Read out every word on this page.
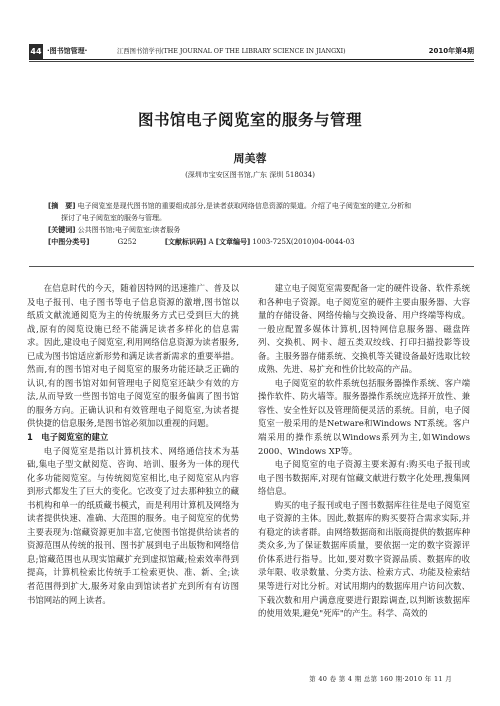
44 ·图书馆管理·	江西图书馆学刊(THE JOURNAL OF THE LIBRARY SCIENCE IN JIANGXI)	2010年第4期
图书馆电子阅览室的服务与管理
周美蓉
(深圳市宝安区图书馆,广东 深圳 518034)
[摘　要] 电子阅览室是现代图书馆的重要组成部分,是读者获取网络信息资源的渠道。介绍了电子阅览室的建立,分析和
探讨了电子阅览室的服务与管理。
[关键词] 公共图书馆;电子阅览室;读者服务
[中图分类号]	G252	[文献标识码] A [文章编号] 1003-725X(2010)04-0044-03

在信息时代的今天，随着因特网的迅速推广、普及以及电子报刊、电子图书等电子信息资源的激增,图书馆以纸质文献流通阅览为主的传统服务方式已受到巨大的挑战,原有的阅览设施已经不能满足读者多样化的信息需求。因此,建设电子阅览室,利用网络信息资源为读者服务,已成为图书馆适应新形势和满足读者新需求的重要举措。然而,有的图书馆对电子阅览室的服务功能还缺乏正确的认识,有的图书馆对如何管理电子阅览室还缺少有效的方法,从而导致一些图书馆电子阅览室的服务偏离了图书馆的服务方向。正确认识和有效管理电子阅览室,为读者提供快捷的信息服务,是图书馆必须加以重视的问题。

1　电子阅览室的建立

电子阅览室是指以计算机技术、网络通信技术为基础,集电子型文献阅览、咨询、培训、服务为一体的现代化多功能阅览室。与传统阅览室相比,电子阅览室从内容到形式都发生了巨大的变化。它改变了过去那种独立的藏书机构和单一的纸质藏书模式，而是利用计算机及网络为读者提供快速、准确、大范围的服务。电子阅览室的优势主要表现为:馆藏资源更加丰富,它使图书馆提供给读者的资源范围从传统的报刊、图书扩展到电子出版物和网络信息;馆藏范围也从现实馆藏扩充到虚拟馆藏;检索效率得到提高，计算机检索比传统手工检索更快、准、新、全;读者范围得到扩大,服务对象由到馆读者扩充到所有有访图书馆网站的网上读者。

建立电子阅览室需要配备一定的硬件设备、软件系统和各种电子资源。电子阅览室的硬件主要由服务器、大容量的存储设备、网络传输与交换设备、用户终端等构成。一般应配置多媒体计算机,因特网信息服务器、磁盘阵列、交换机、网卡、超五类双绞线、打印扫描投影等设备。主服务器存储系统、交换机等关键设备最好选取比较成熟、先进、易扩充和性价比较高的产品。

电子阅览室的软件系统包括服务器操作系统、客户端操作软件、防火墙等。服务器操作系统应选择开放性、兼容性、安全性好以及管理简便灵活的系统。目前，电子阅览室一般采用的是Netware和Windows NT系统。客户端采用的操作系统以Windows系列为主,如Windows 2000、Windows XP等。

电子阅览室的电子资源主要来源有:购买电子报刊或电子图书数据库,对现有馆藏文献进行数字化处理,搜集网络信息。

购买的电子报刊或电子图书数据库往往是电子阅览室电子资源的主体。因此,数据库的购买要符合需求实际,并有稳定的读者群。由网络数据商和出版商提供的数据库种类众多,为了保证数据库质量，要依据一定的数字资源评价体系进行指导。比如,要对数字资源品质、数据库的收录年限、收录数量、分类方法、检索方式、功能及检索结果等进行对比分析。对试用期内的数据库用户访问次数、下载次数和用户满意度要进行跟踪调查,以判断该数据库的使用效果,避免"死库"的产生。科学、高效的

第 40 卷 第 4 期 总第 160 期·2010 年 11 月
